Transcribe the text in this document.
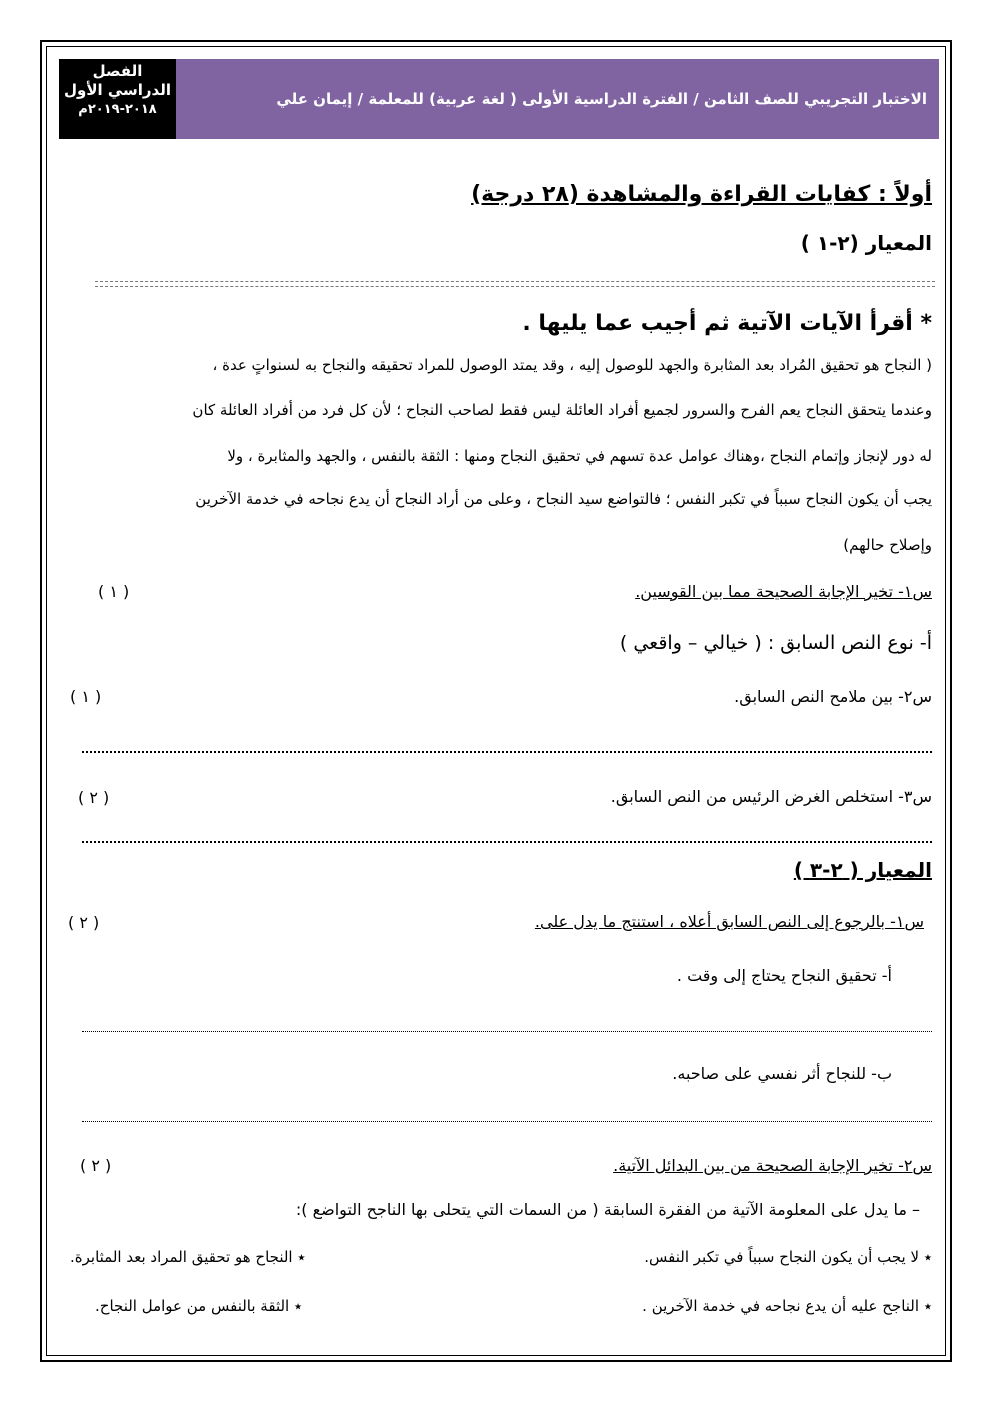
الفصل
الدراسي الأول
٢٠١٨-٢٠١٩م
الاختبار التجريبي للصف الثامن / الفترة الدراسية الأولى ( لغة عربية) للمعلمة / إيمان علي
أولاً : كفايات القراءة والمشاهدة (٢٨ درجة)
المعيار (٢-١ )
* أقرأ الآيات الآتية ثم أجيب عما يليها .
( النجاح هو تحقيق المُراد بعد المثابرة والجهد للوصول إليه ، وقد يمتد الوصول للمراد تحقيقه والنجاح به لسنواتٍ عدة ،
وعندما يتحقق النجاح يعم الفرح والسرور لجميع أفراد العائلة ليس فقط لصاحب النجاح ؛ لأن كل فرد من أفراد العائلة كان
له دور لإنجاز وإتمام النجاح ،وهناك عوامل عدة تسهم في تحقيق النجاح ومنها : الثقة بالنفس ، والجهد والمثابرة ، ولا
يجب أن يكون النجاح سبباً في تكبر النفس ؛ فالتواضع سيد النجاح ، وعلى من أراد النجاح أن يدع نجاحه في خدمة الآخرين
وإصلاح حالهم)
س١- تخير الإجابة الصحيحة مما بين القوسين.
( ١ )
أ- نوع النص السابق : ( خيالي – واقعي )
س٢- بين ملامح النص السابق.
( ١ )
س٣- استخلص الغرض الرئيس من النص السابق.
( ٢ )
المعيار ( ٢-٣ )
س١- بالرجوع إلى النص السابق أعلاه ، استنتج ما يدل على.
( ٢ )
أ- تحقيق النجاح يحتاج إلى وقت .
ب- للنجاح أثر نفسي على صاحبه.
س٢- تخير الإجابة الصحيحة من بين البدائل الآتية.
( ٢ )
– ما يدل على المعلومة الآتية من الفقرة السابقة ( من السمات التي يتحلى بها الناجح التواضع ):
٭ لا يجب أن يكون النجاح سبباً في تكبر النفس.
٭ النجاح هو تحقيق المراد بعد المثابرة.
٭ الناجح عليه أن يدع نجاحه في خدمة الآخرين .
٭ الثقة بالنفس من عوامل النجاح.
